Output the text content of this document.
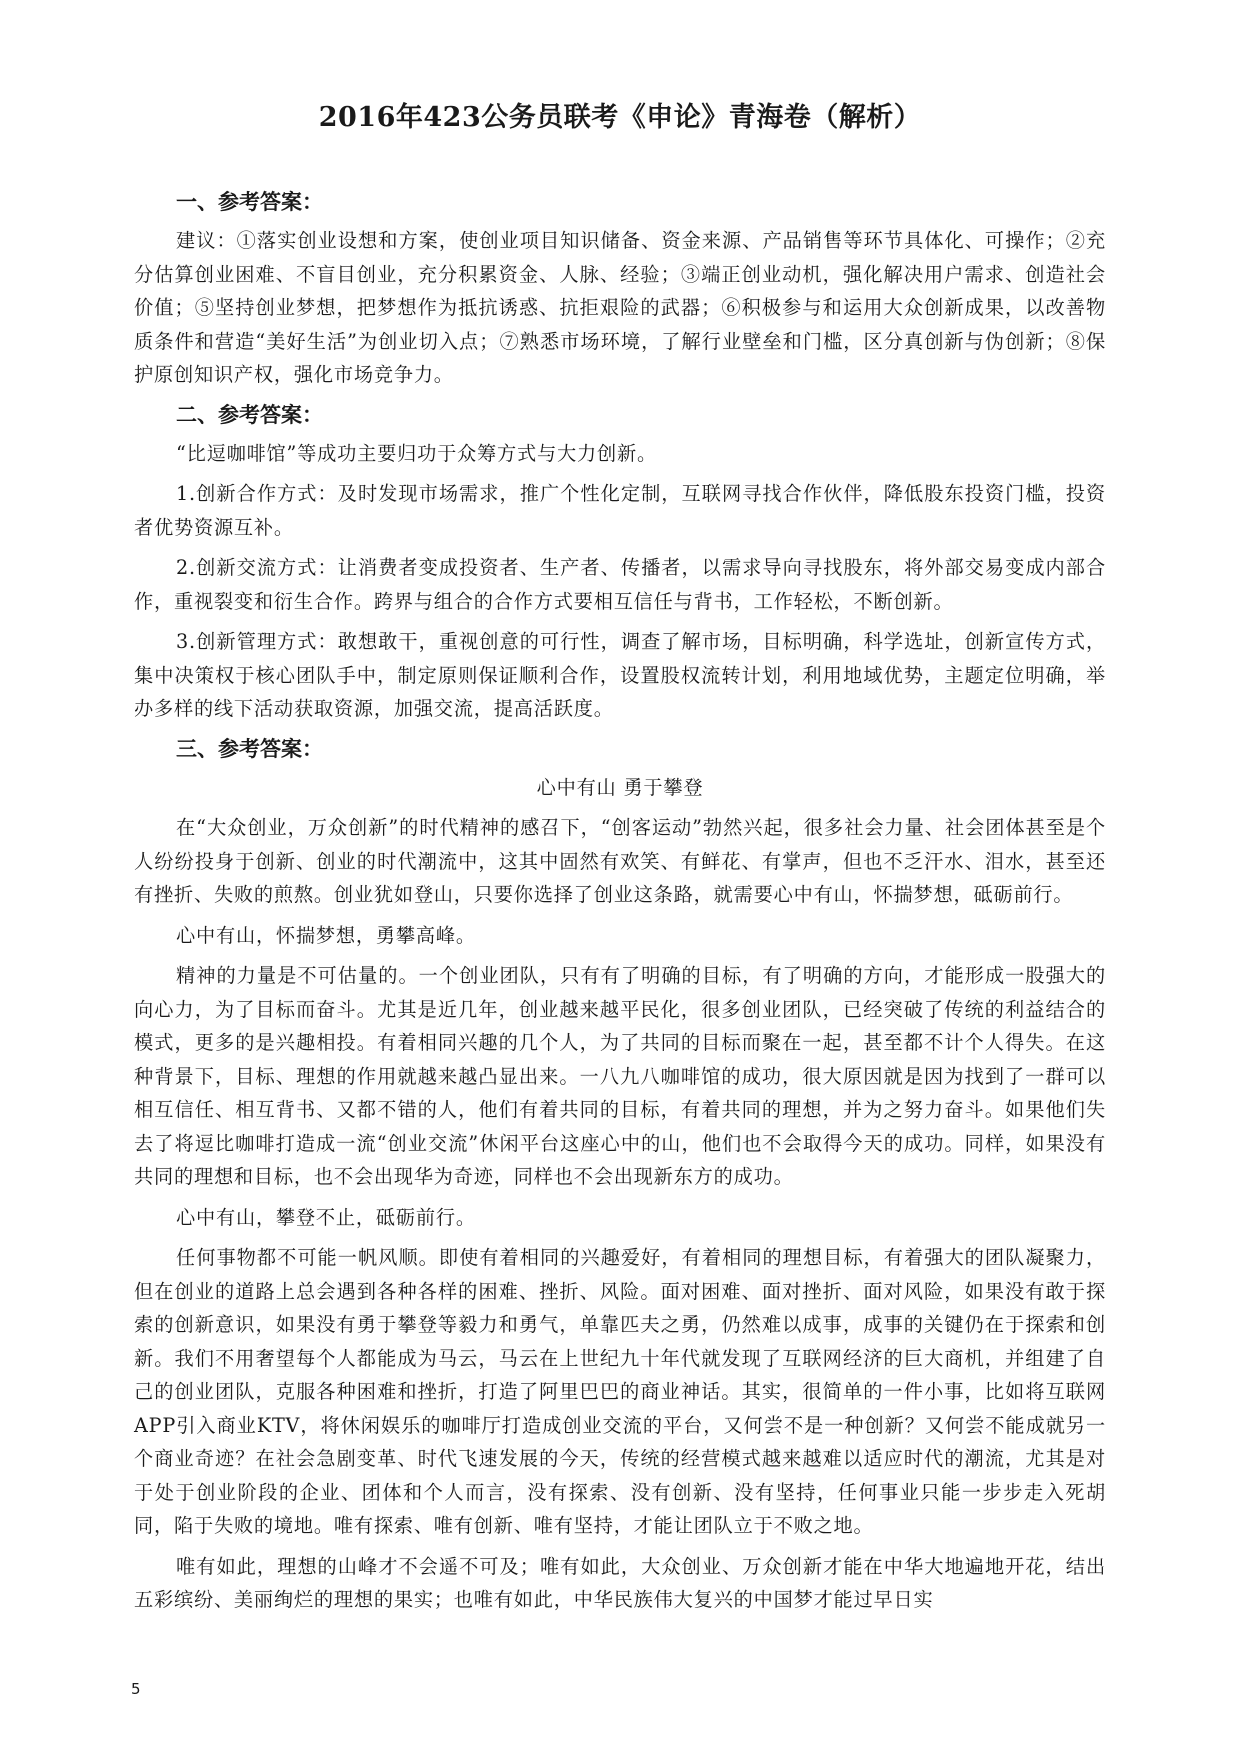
2016年423公务员联考《申论》青海卷（解析）
一、参考答案：

建议：①落实创业设想和方案，使创业项目知识储备、资金来源、产品销售等环节具体化、可操作；②充分估算创业困难、不盲目创业，充分积累资金、人脉、经验；③端正创业动机，强化解决用户需求、创造社会价值；⑤坚持创业梦想，把梦想作为抵抗诱惑、抗拒艰险的武器；⑥积极参与和运用大众创新成果，以改善物质条件和营造“美好生活”为创业切入点；⑦熟悉市场环境，了解行业壁垒和门槛，区分真创新与伪创新；⑧保护原创知识产权，强化市场竞争力。

二、参考答案：

“比逗咖啡馆”等成功主要归功于众筹方式与大力创新。

1.创新合作方式：及时发现市场需求，推广个性化定制，互联网寻找合作伙伴，降低股东投资门槛，投资者优势资源互补。

2.创新交流方式：让消费者变成投资者、生产者、传播者，以需求导向寻找股东，将外部交易变成内部合作，重视裂变和衍生合作。跨界与组合的合作方式要相互信任与背书，工作轻松，不断创新。

3.创新管理方式：敢想敢干，重视创意的可行性，调查了解市场，目标明确，科学选址，创新宣传方式，集中决策权于核心团队手中，制定原则保证顺利合作，设置股权流转计划，利用地域优势，主题定位明确，举办多样的线下活动获取资源，加强交流，提高活跃度。

三、参考答案：
心中有山 勇于攀登

在“大众创业，万众创新”的时代精神的感召下，“创客运动”勃然兴起，很多社会力量、社会团体甚至是个人纷纷投身于创新、创业的时代潮流中，这其中固然有欢笑、有鲜花、有掌声，但也不乏汗水、泪水，甚至还有挫折、失败的煎熬。创业犹如登山，只要你选择了创业这条路，就需要心中有山，怀揣梦想，砥砺前行。

心中有山，怀揣梦想，勇攀高峰。

精神的力量是不可估量的。一个创业团队，只有有了明确的目标，有了明确的方向，才能形成一股强大的向心力，为了目标而奋斗。尤其是近几年，创业越来越平民化，很多创业团队，已经突破了传统的利益结合的模式，更多的是兴趣相投。有着相同兴趣的几个人，为了共同的目标而聚在一起，甚至都不计个人得失。在这种背景下，目标、理想的作用就越来越凸显出来。一八九八咖啡馆的成功，很大原因就是因为找到了一群可以相互信任、相互背书、又都不错的人，他们有着共同的目标，有着共同的理想，并为之努力奋斗。如果他们失去了将逗比咖啡打造成一流“创业交流”休闲平台这座心中的山，他们也不会取得今天的成功。同样，如果没有共同的理想和目标，也不会出现华为奇迹，同样也不会出现新东方的成功。

心中有山，攀登不止，砥砺前行。

任何事物都不可能一帆风顺。即使有着相同的兴趣爱好，有着相同的理想目标，有着强大的团队凝聚力，但在创业的道路上总会遇到各种各样的困难、挫折、风险。面对困难、面对挫折、面对风险，如果没有敢于探索的创新意识，如果没有勇于攀登等毅力和勇气，单靠匹夫之勇，仍然难以成事，成事的关键仍在于探索和创新。我们不用奢望每个人都能成为马云，马云在上世纪九十年代就发现了互联网经济的巨大商机，并组建了自己的创业团队，克服各种困难和挫折，打造了阿里巴巴的商业神话。其实，很简单的一件小事，比如将互联网APP引入商业KTV，将休闲娱乐的咖啡厅打造成创业交流的平台，又何尝不是一种创新？又何尝不能成就另一个商业奇迹？在社会急剧变革、时代飞速发展的今天，传统的经营模式越来越难以适应时代的潮流，尤其是对于处于创业阶段的企业、团体和个人而言，没有探索、没有创新、没有坚持，任何事业只能一步步走入死胡同，陷于失败的境地。唯有探索、唯有创新、唯有坚持，才能让团队立于不败之地。

唯有如此，理想的山峰才不会遥不可及；唯有如此，大众创业、万众创新才能在中华大地遍地开花，结出五彩缤纷、美丽绚烂的理想的果实；也唯有如此，中华民族伟大复兴的中国梦才能过早日实

5
